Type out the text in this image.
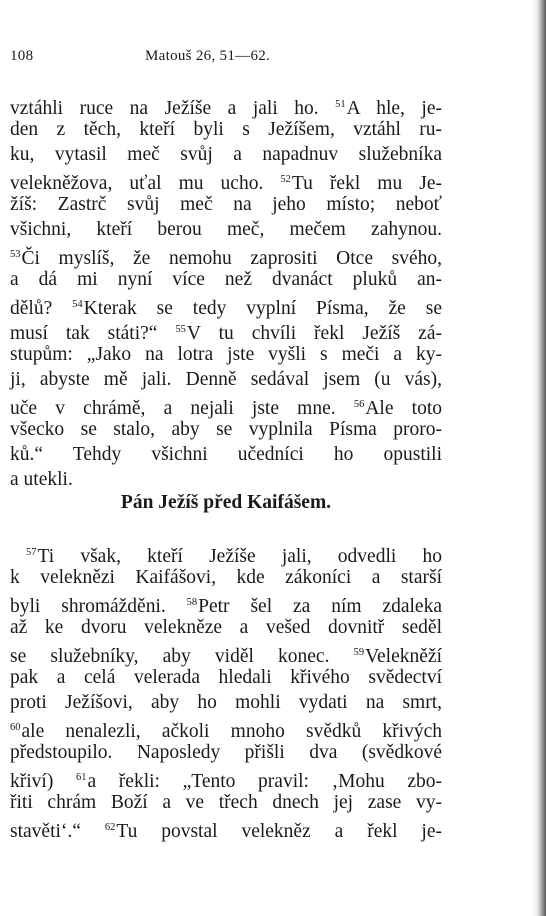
108	Matouš 26, 51—62.
vztáhli ruce na Ježíše a jali ho. $^{51}$A hle, je-
den z těch, kteří byli s Ježíšem, vztáhl ru-
ku, vytasil meč svůj a napadnuv služebníka
velekněžova, uťal mu ucho. $^{52}$Tu řekl mu Je-
žíš: Zastrč svůj meč na jeho místo; neboť
všichni, kteří berou meč, mečem zahynou.
$^{53}$Či myslíš, že nemohu zaprositi Otce svého,
a dá mi nyní více než dvanáct pluků an-
dělů? $^{54}$Kterak se tedy vyplní Písma, že se
musí tak státi?“ $^{55}$V tu chvíli řekl Ježíš zá-
stupům: „Jako na lotra jste vyšli s meči a ky-
ji, abyste mě jali. Denně sedával jsem (u vás),
uče v chrámě, a nejali jste mne. $^{56}$Ale toto
všecko se stalo, aby se vyplnila Písma proro-
ků.“ Tehdy všichni učedníci ho opustili
a utekli.
Pán Ježíš před Kaifášem.
$^{57}$Ti však, kteří Ježíše jali, odvedli ho
k veleknězi Kaifášovi, kde zákoníci a starší
byli shromážděni. $^{58}$Petr šel za ním zdaleka
až ke dvoru velekněze a vešed dovnitř seděl
se služebníky, aby viděl konec. $^{59}$Velekněží
pak a celá velerada hledali křivého svědectví
proti Ježíšovi, aby ho mohli vydati na smrt,
$^{60}$ale nenalezli, ačkoli mnoho svědků křivých
předstoupilo. Naposledy přišli dva (svědkové
křiví) $^{61}$a řekli: „Tento pravil: ‚Mohu zbo-
řiti chrám Boží a ve třech dnech jej zase vy-
stavěti‘.“ $^{62}$Tu povstal velekněz a řekl je-
